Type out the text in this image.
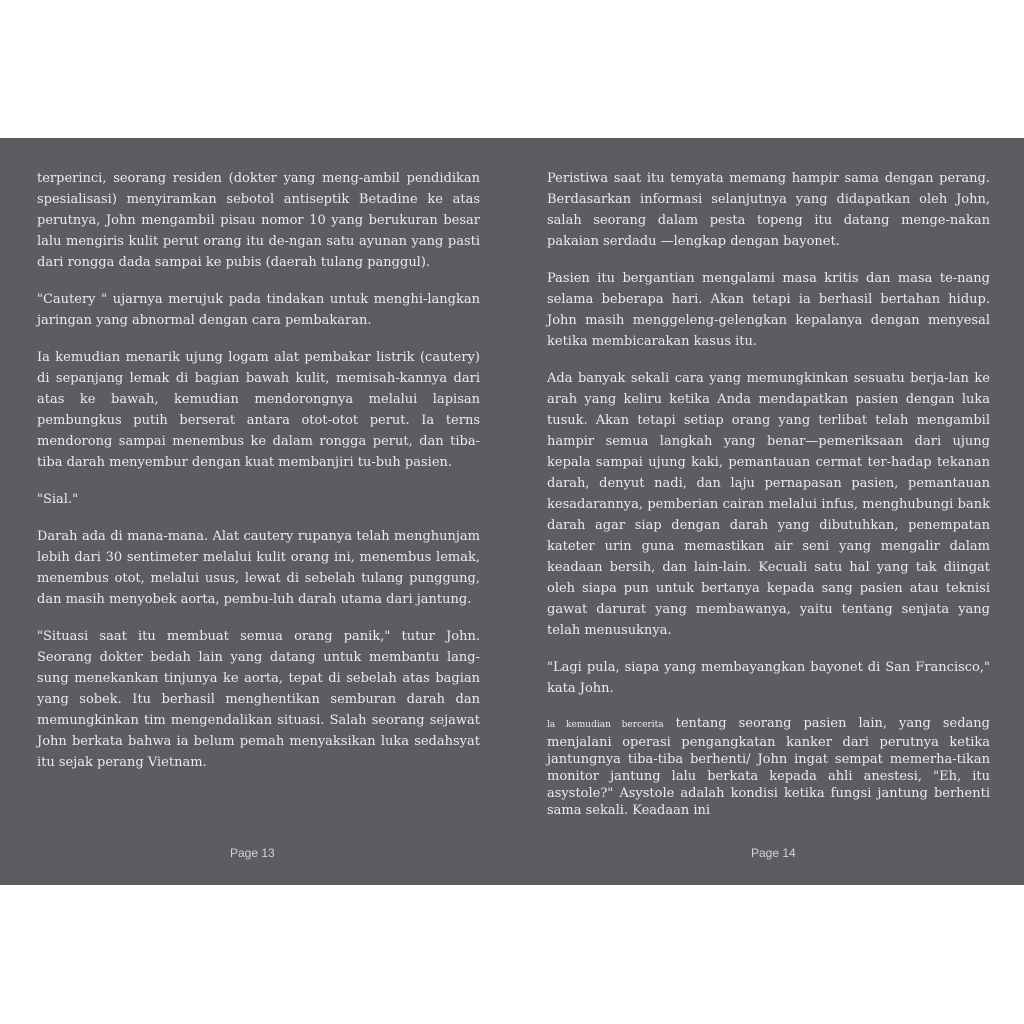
terperinci, seorang residen (dokter yang meng-ambil pendidikan spesialisasi) menyiramkan sebotol antiseptik Betadine ke atas perutnya, John mengambil pisau nomor 10 yang berukuran besar lalu mengiris kulit perut orang itu de-ngan satu ayunan yang pasti dari rongga dada sampai ke pubis (daerah tulang panggul).

"Cautery " ujarnya merujuk pada tindakan untuk menghi-langkan jaringan yang abnormal dengan cara pembakaran.

Ia kemudian menarik ujung logam alat pembakar listrik (cautery) di sepanjang lemak di bagian bawah kulit, memisah-kannya dari atas ke bawah, kemudian mendorongnya melalui lapisan pembungkus putih berserat antara otot-otot perut. Ia terns mendorong sampai menembus ke dalam rongga perut, dan tiba-tiba darah menyembur dengan kuat membanjiri tu-buh pasien.

"Sial."

Darah ada di mana-mana. Alat cautery rupanya telah menghunjam lebih dari 30 sentimeter melalui kulit orang ini, menembus lemak, menembus otot, melalui usus, lewat di sebelah tulang punggung, dan masih menyobek aorta, pembu-luh darah utama dari jantung.

"Situasi saat itu membuat semua orang panik," tutur John. Seorang dokter bedah lain yang datang untuk membantu lang-sung menekankan tinjunya ke aorta, tepat di sebelah atas bagian yang sobek. Itu berhasil menghentikan semburan darah dan memungkinkan tim mengendalikan situasi. Salah seorang sejawat John berkata bahwa ia belum pemah menyaksikan luka sedahsyat itu sejak perang Vietnam.

Page 13

Peristiwa saat itu temyata memang hampir sama dengan perang. Berdasarkan informasi selanjutnya yang didapatkan oleh John, salah seorang dalam pesta topeng itu datang menge-nakan pakaian serdadu —lengkap dengan bayonet.

Pasien itu bergantian mengalami masa kritis dan masa te-nang selama beberapa hari. Akan tetapi ia berhasil bertahan hidup. John masih menggeleng-gelengkan kepalanya dengan menyesal ketika membicarakan kasus itu.

Ada banyak sekali cara yang memungkinkan sesuatu berja-lan ke arah yang keliru ketika Anda mendapatkan pasien dengan luka tusuk. Akan tetapi setiap orang yang terlibat telah mengambil hampir semua langkah yang benar—pemeriksaan dari ujung kepala sampai ujung kaki, pemantauan cermat ter-hadap tekanan darah, denyut nadi, dan laju pernapasan pasien, pemantauan kesadarannya, pemberian cairan melalui infus, menghubungi bank darah agar siap dengan darah yang dibutuhkan, penempatan kateter urin guna memastikan air seni yang mengalir dalam keadaan bersih, dan lain-lain. Kecuali satu hal yang tak diingat oleh siapa pun untuk bertanya kepada sang pasien atau teknisi gawat darurat yang membawanya, yaitu tentang senjata yang telah menusuknya.

"Lagi pula, siapa yang membayangkan bayonet di San Francisco," kata John.

la kemudian bercerita tentang seorang pasien lain, yang sedang menjalani operasi pengangkatan kanker dari perutnya ketika jantungnya tiba-tiba berhenti/ John ingat sempat memerha-tikan monitor jantung lalu berkata kepada ahli anestesi, "Eh, itu asystole?" Asystole adalah kondisi ketika fungsi jantung berhenti sama sekali. Keadaan ini

Page 14
